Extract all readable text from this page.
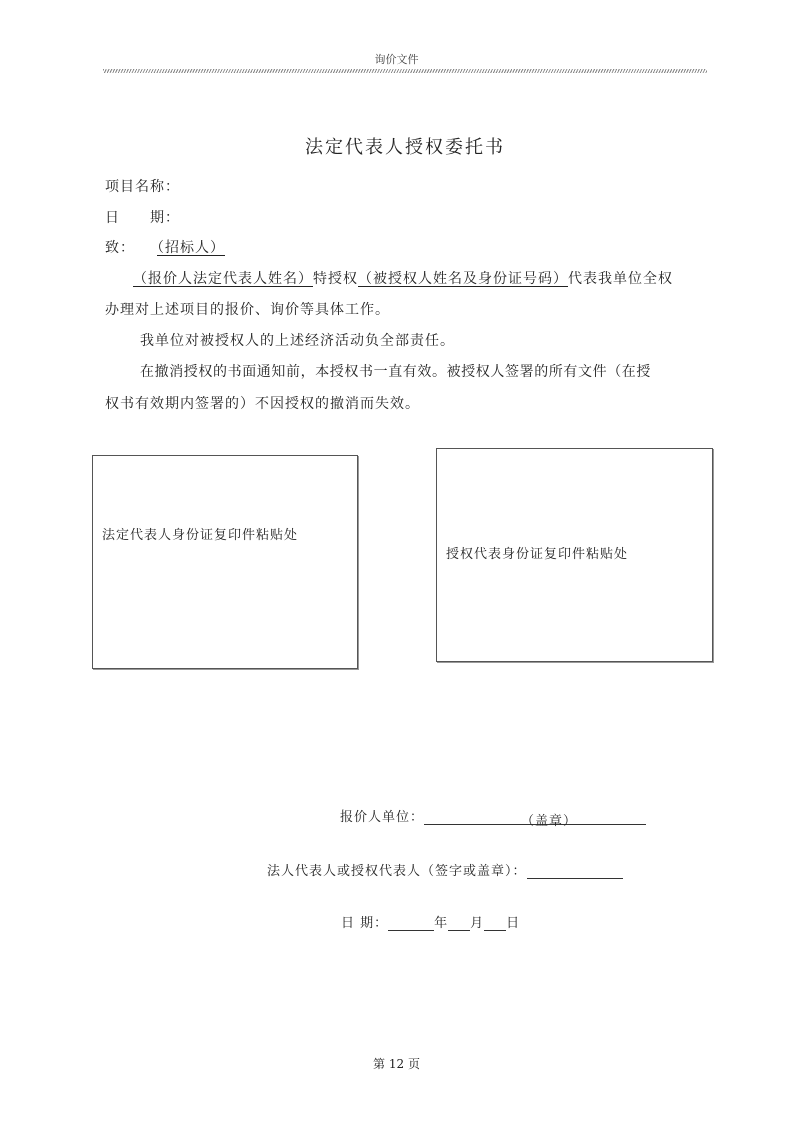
询价文件
法定代表人授权委托书
项目名称：
日　　期：
致： （招标人）
（报价人法定代表人姓名）特授权（被授权人姓名及身份证号码）代表我单位全权
办理对上述项目的报价、询价等具体工作。
我单位对被授权人的上述经济活动负全部责任。
在撤消授权的书面通知前，本授权书一直有效。被授权人签署的所有文件（在授
权书有效期内签署的）不因授权的撤消而失效。
法定代表人身份证复印件粘贴处
授权代表身份证复印件粘贴处
报价人单位：	（盖章）
法人代表人或授权代表人（签字或盖章）：
日 期：	年 月 日
第 12 页
